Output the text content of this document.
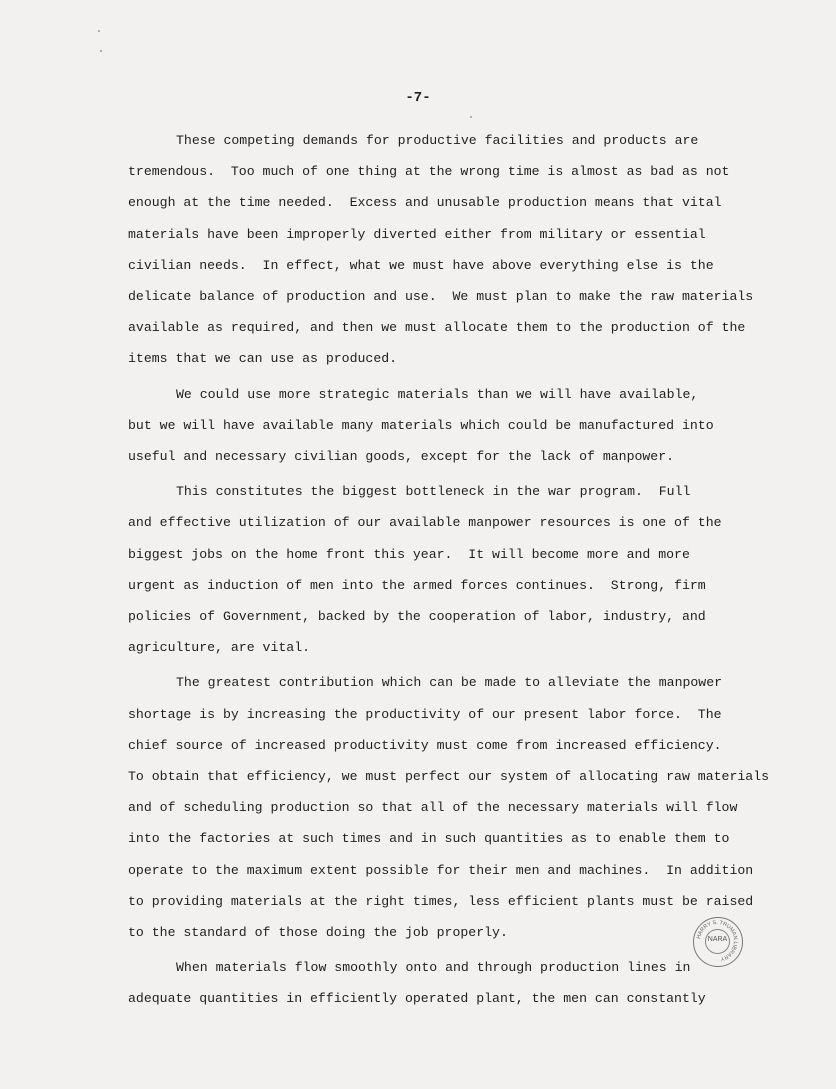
-7-
These competing demands for productive facilities and products are
tremendous.  Too much of one thing at the wrong time is almost as bad as not
enough at the time needed.  Excess and unusable production means that vital
materials have been improperly diverted either from military or essential
civilian needs.  In effect, what we must have above everything else is the
delicate balance of production and use.  We must plan to make the raw materials
available as required, and then we must allocate them to the production of the
items that we can use as produced.
We could use more strategic materials than we will have available,
but we will have available many materials which could be manufactured into
useful and necessary civilian goods, except for the lack of manpower.
This constitutes the biggest bottleneck in the war program.  Full
and effective utilization of our available manpower resources is one of the
biggest jobs on the home front this year.  It will become more and more
urgent as induction of men into the armed forces continues.  Strong, firm
policies of Government, backed by the cooperation of labor, industry, and
agriculture, are vital.
The greatest contribution which can be made to alleviate the manpower
shortage is by increasing the productivity of our present labor force.  The
chief source of increased productivity must come from increased efficiency.
To obtain that efficiency, we must perfect our system of allocating raw materials
and of scheduling production so that all of the necessary materials will flow
into the factories at such times and in such quantities as to enable them to
operate to the maximum extent possible for their men and machines.  In addition
to providing materials at the right times, less efficient plants must be raised
to the standard of those doing the job properly.
When materials flow smoothly onto and through production lines in
adequate quantities in efficiently operated plant, the men can constantly
HARRY S. TRUMAN LIBRARY
NARA
